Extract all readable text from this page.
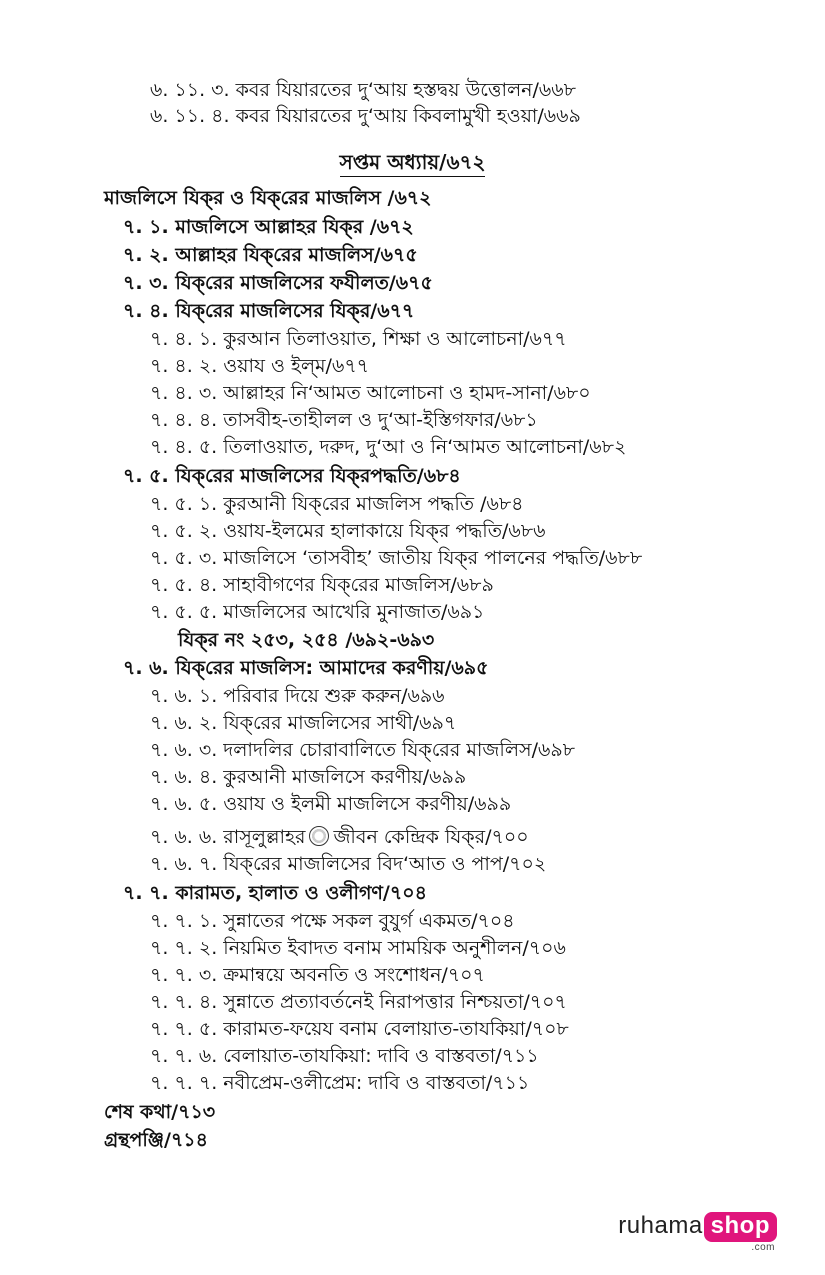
৬. ১১. ৩. কবর যিয়ারতের দু‘আয় হস্তদ্বয় উত্তোলন/৬৬৮
৬. ১১. ৪. কবর যিয়ারতের দু‘আয় কিবলামুখী হওয়া/৬৬৯
সপ্তম অধ্যায়/৬৭২
মাজলিসে যিক্‌র ও যিক্‌রের মাজলিস /৬৭২
৭. ১. মাজলিসে আল্লাহর যিক্‌র /৬৭২
৭. ২. আল্লাহর যিক্‌রের মাজলিস/৬৭৫
৭. ৩. যিক্‌রের মাজলিসের ফযীলত/৬৭৫
৭. ৪. যিক্‌রের মাজলিসের যিক্‌র/৬৭৭
৭. ৪. ১. কুরআন তিলাওয়াত, শিক্ষা ও আলোচনা/৬৭৭
৭. ৪. ২. ওয়ায ও ইল্‌ম/৬৭৭
৭. ৪. ৩. আল্লাহর নি‘আমত আলোচনা ও হামদ-সানা/৬৮০
৭. ৪. ৪. তাসবীহ-তাহীলল ও দু‘আ-ইস্তিগফার/৬৮১
৭. ৪. ৫. তিলাওয়াত, দরুদ, দু‘আ ও নি‘আমত আলোচনা/৬৮২
৭. ৫. যিক্‌রের মাজলিসের যিক্‌রপদ্ধতি/৬৮৪
৭. ৫. ১. কুরআনী যিক্‌রের মাজলিস পদ্ধতি /৬৮৪
৭. ৫. ২. ওয়ায-ইলমের হালাকায়ে যিক্‌র পদ্ধতি/৬৮৬
৭. ৫. ৩. মাজলিসে ‘তাসবীহ’ জাতীয় যিক্‌র পালনের পদ্ধতি/৬৮৮
৭. ৫. ৪. সাহাবীগণের যিক্‌রের মাজলিস/৬৮৯
৭. ৫. ৫. মাজলিসের আখেরি মুনাজাত/৬৯১
যিক্‌র নং ২৫৩, ২৫৪ /৬৯২-৬৯৩
৭. ৬. যিক্‌রের মাজলিস: আমাদের করণীয়/৬৯৫
৭. ৬. ১. পরিবার দিয়ে শুরু করুন/৬৯৬
৭. ৬. ২. যিক্‌রের মাজলিসের সাথী/৬৯৭
৭. ৬. ৩. দলাদলির চোরাবালিতে যিক্‌রের মাজলিস/৬৯৮
৭. ৬. ৪. কুরআনী মাজলিসে করণীয়/৬৯৯
৭. ৬. ৫. ওয়ায ও ইলমী মাজলিসে করণীয়/৬৯৯
৭. ৬. ৬. রাসূলুল্লাহর জীবন কেন্দ্রিক যিক্‌র/৭০০
৭. ৬. ৭. যিক্‌রের মাজলিসের বিদ‘আত ও পাপ/৭০২
৭. ৭. কারামত, হালাত ও ওলীগণ/৭০৪
৭. ৭. ১. সুন্নাতের পক্ষে সকল বুযুর্গ একমত/৭০৪
৭. ৭. ২. নিয়মিত ইবাদত বনাম সাময়িক অনুশীলন/৭০৬
৭. ৭. ৩. ক্রমান্বয়ে অবনতি ও সংশোধন/৭০৭
৭. ৭. ৪. সুন্নাতে প্রত্যাবর্তনেই নিরাপত্তার নিশ্চয়তা/৭০৭
৭. ৭. ৫. কারামত-ফয়েয বনাম বেলায়াত-তাযকিয়া/৭০৮
৭. ৭. ৬. বেলায়াত-তাযকিয়া: দাবি ও বাস্তবতা/৭১১
৭. ৭. ৭. নবীপ্রেম-ওলীপ্রেম: দাবি ও বাস্তবতা/৭১১
শেষ কথা/৭১৩
গ্রন্থপঞ্জি/৭১৪
ruhama shop
.com
